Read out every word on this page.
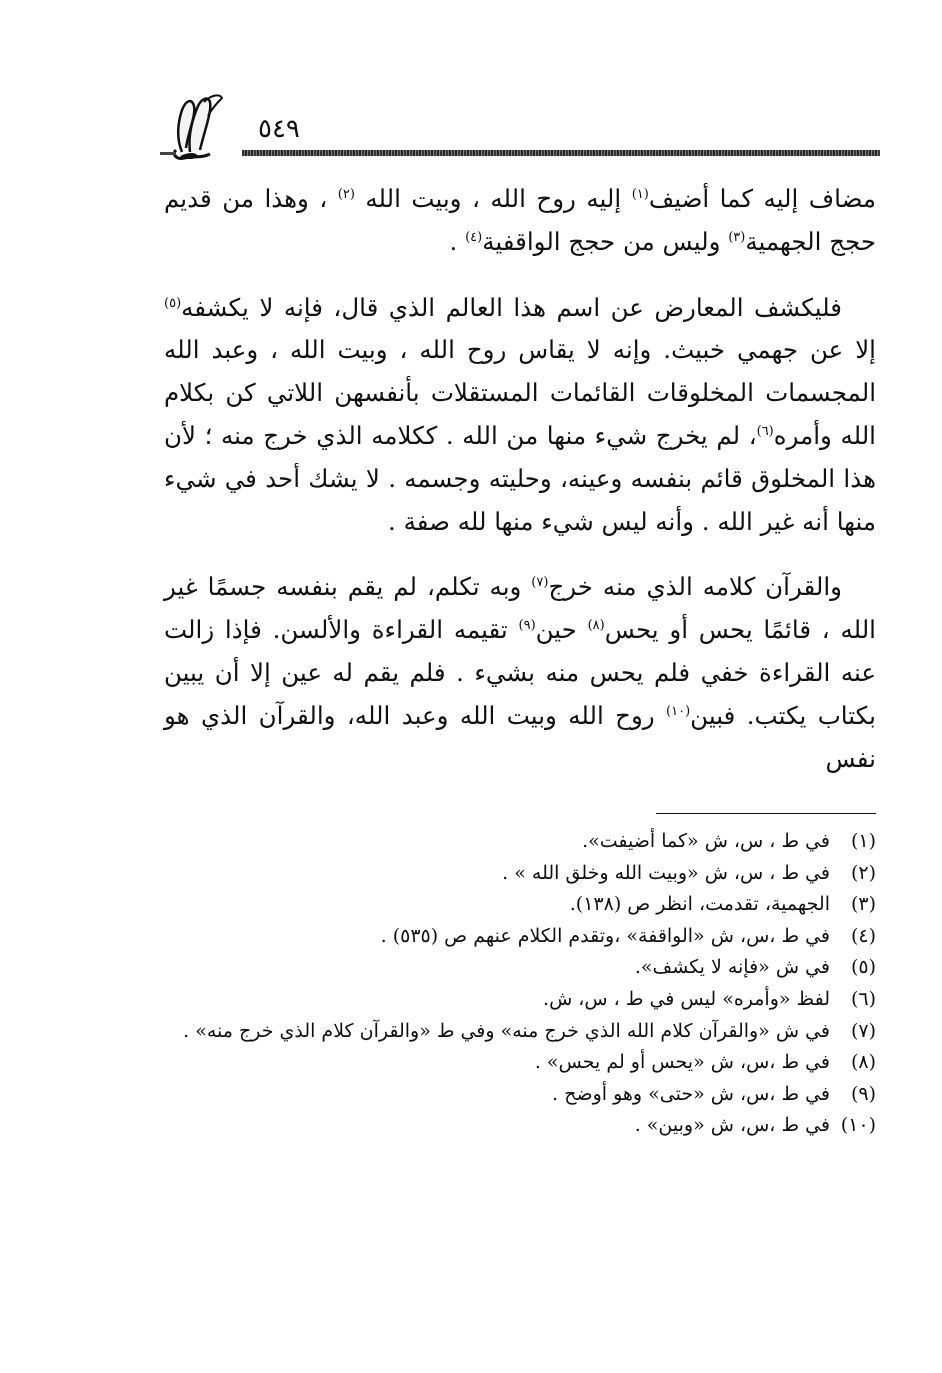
٥٤٩

مضاف إليه كما أضيف$^{(١)}$ إليه روح الله ، وبيت الله $^{(٢)}$ ، وهذا من قديم حجج الجهمية$^{(٣)}$ وليس من حجج الواقفية$^{(٤)}$ .

فليكشف المعارض عن اسم هذا العالم الذي قال، فإنه لا يكشفه$^{(٥)}$ إلا عن جهمي خبيث. وإنه لا يقاس روح الله ، وبيت الله ، وعبد الله المجسمات المخلوقات القائمات المستقلات بأنفسهن اللاتي كن بكلام الله وأمره$^{(٦)}$، لم يخرج شيء منها من الله . ككلامه الذي خرج منه ؛ لأن هذا المخلوق قائم بنفسه وعينه، وحليته وجسمه . لا يشك أحد في شيء منها أنه غير الله . وأنه ليس شيء منها لله صفة .

والقرآن كلامه الذي منه خرج$^{(٧)}$ وبه تكلم، لم يقم بنفسه جسمًا غير الله ، قائمًا يحس أو يحس$^{(٨)}$ حين$^{(٩)}$ تقيمه القراءة والألسن. فإذا زالت عنه القراءة خفي فلم يحس منه بشيء . فلم يقم له عين إلا أن يبين بكتاب يكتب. فبين$^{(١٠)}$ روح الله وبيت الله وعبد الله، والقرآن الذي هو نفس

(١)
في ط ، س، ش «كما أضيفت».
(٢)
في ط ، س، ش «وبيت الله وخلق الله » .
(٣)
الجهمية، تقدمت، انظر ص (١٣٨).
(٤)
في ط ،س، ش «الواقفة» ،وتقدم الكلام عنهم ص (٥٣٥) .
(٥)
في ش «فإنه لا يكشف».
(٦)
لفظ «وأمره» ليس في ط ، س، ش.
(٧)
في ش «والقرآن كلام الله الذي خرج منه» وفي ط «والقرآن كلام الذي خرج منه» .
(٨)
في ط ،س، ش «يحس أو لم يحس» .
(٩)
في ط ،س، ش «حتى» وهو أوضح .
(١٠)
في ط ،س، ش «وبين» .
